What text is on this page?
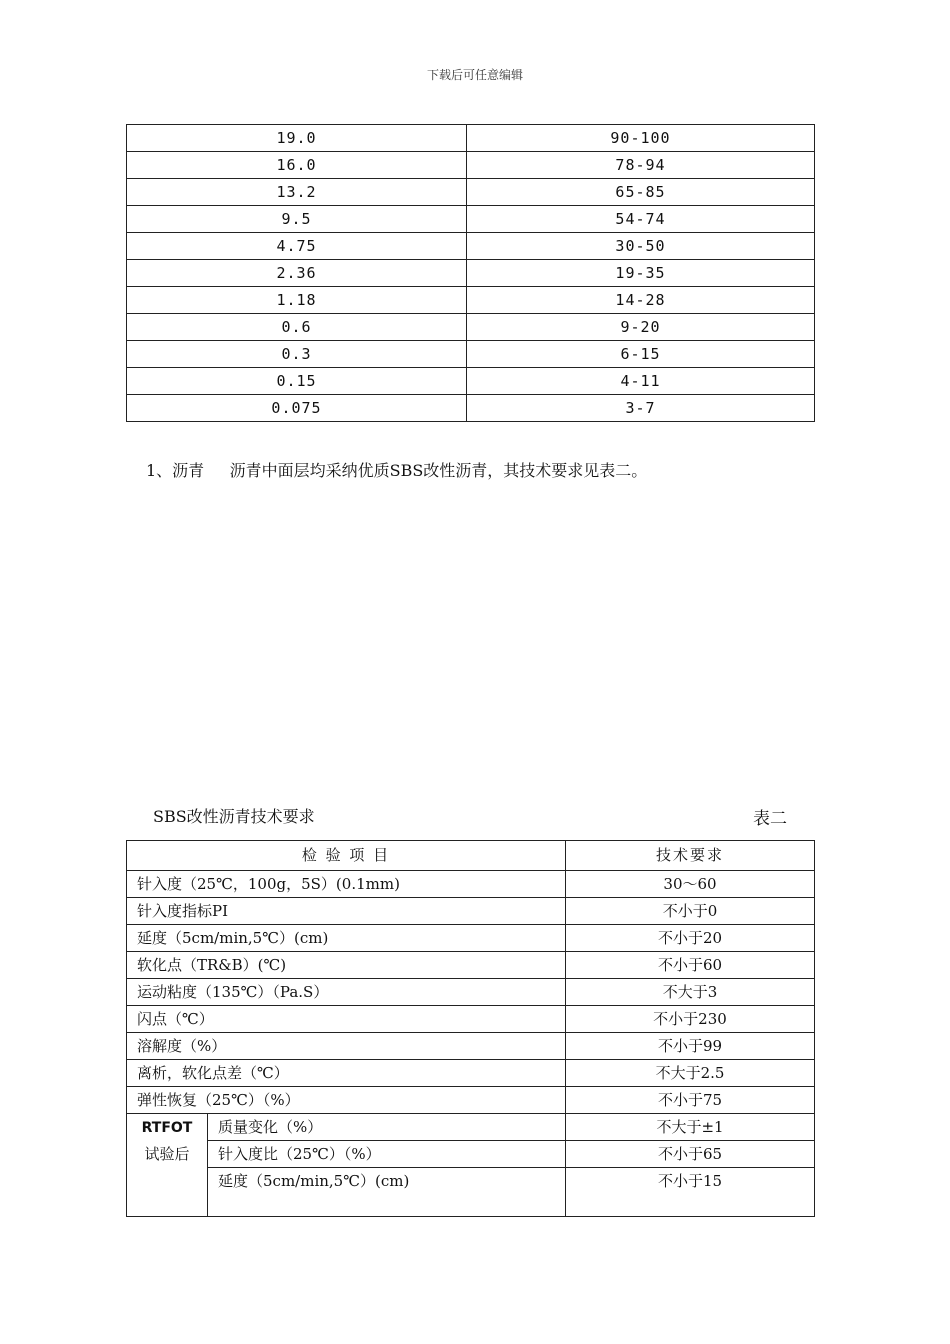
下载后可任意编辑
19.0	90-100
16.0	78-94
13.2	65-85
9.5	54-74
4.75	30-50
2.36	19-35
1.18	14-28
0.6	9-20
0.3	6-15
0.15	4-11
0.075	3-7
1、沥青     沥青中面层均采纳优质SBS改性沥青，其技术要求见表二。
SBS改性沥青技术要求	表二
检 验 项 目		技术要求
针入度（25℃，100g，5S）(0.1mm)		30～60
针入度指标PI		不小于0
延度（5cm/min,5℃）(cm)		不小于20
软化点（TR&B）(℃)		不小于60
运动粘度（135℃）（Pa.S）		不大于3
闪点（℃）		不小于230
溶解度（%）		不小于99
离析，软化点差（℃）		不大于2.5
弹性恢复（25℃）（%）		不小于75

RTFOT
试验后	质量变化（%）	不大于±1
	针入度比（25℃）（%）	不小于65
	延度（5cm/min,5℃）(cm)	不小于15
